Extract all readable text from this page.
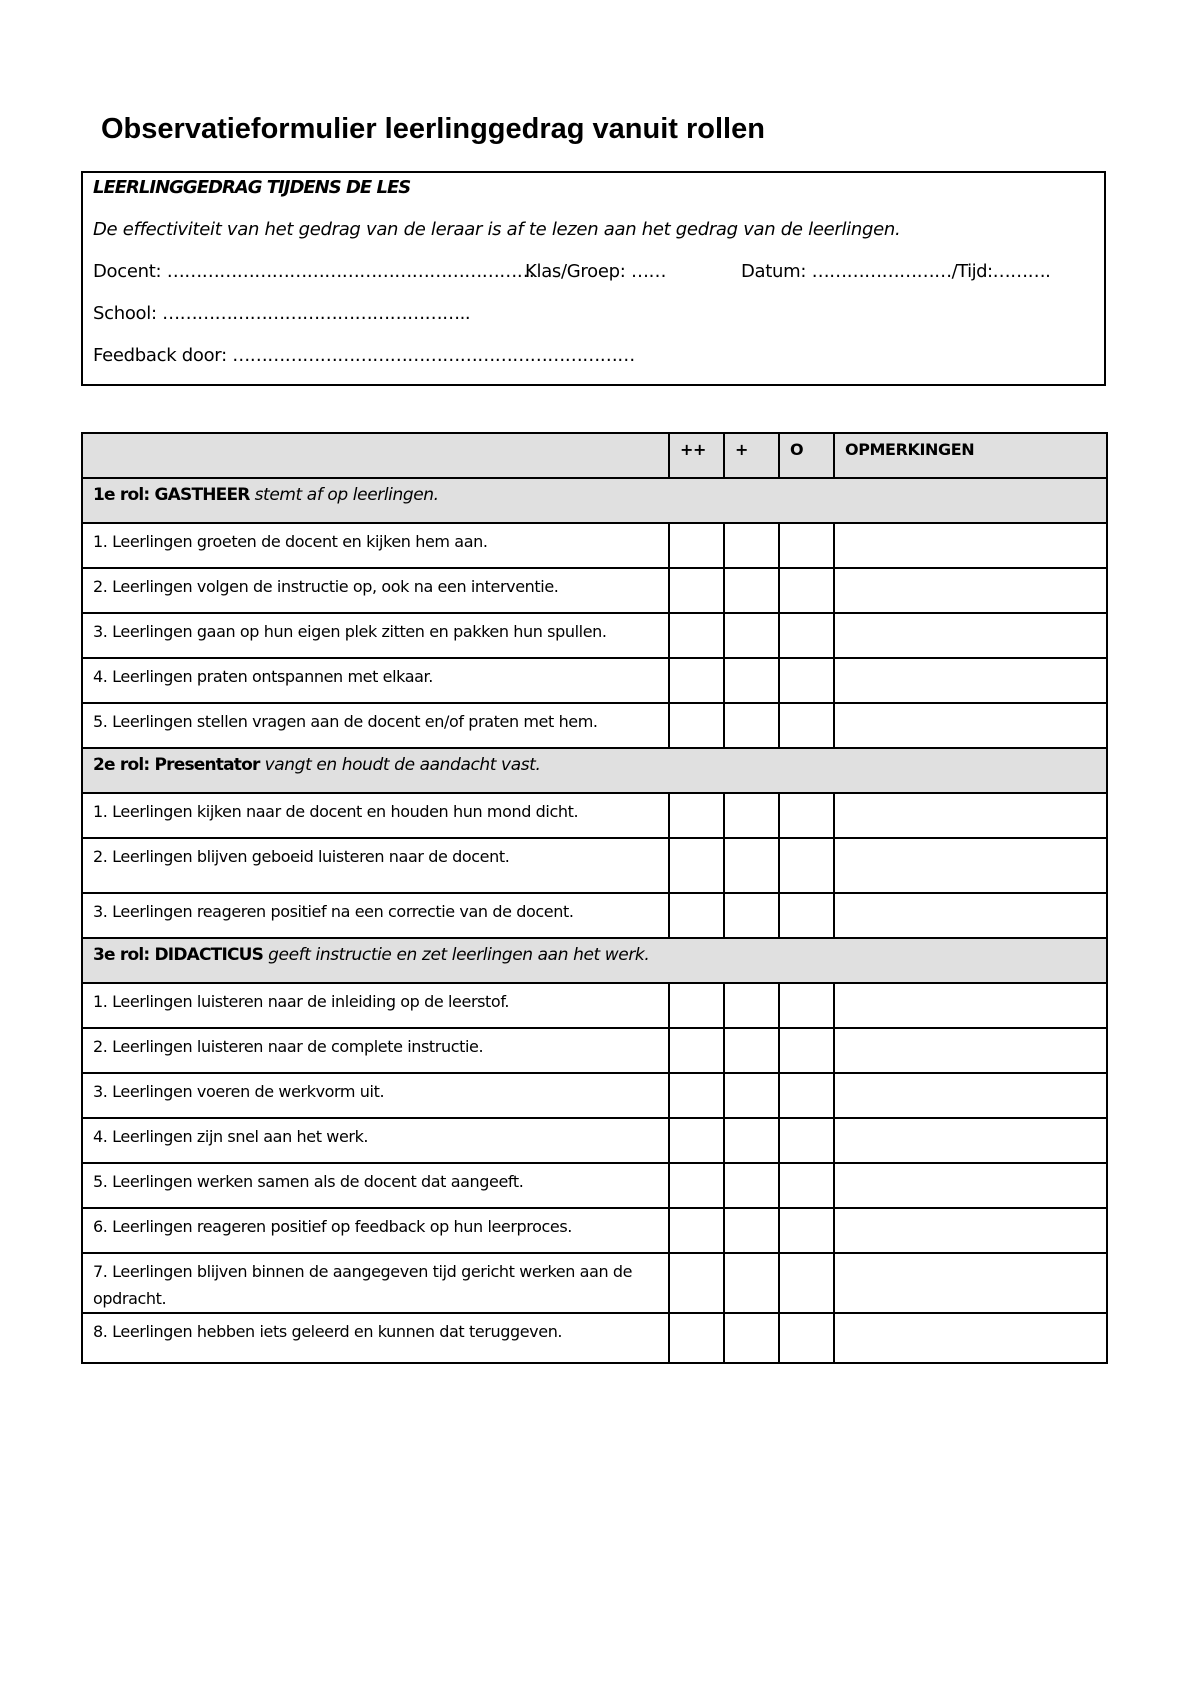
Observatieformulier leerlinggedrag vanuit rollen
LEERLINGGEDRAG TIJDENS DE LES
De effectiviteit van het gedrag van de leraar is af te lezen aan het gedrag van de leerlingen.
Docent: ………………………………………………………
Klas/Groep: ……	Datum: ……………………/Tijd:……….
School: ……………………………………………..
Feedback door: ……………………………………………………………

	++	+	O	OPMERKINGEN

1e rol: GASTHEER stemt af op leerlingen.				

1. Leerlingen groeten de docent en kijken hem aan.				

2. Leerlingen volgen de instructie op, ook na een interventie.				

3. Leerlingen gaan op hun eigen plek zitten en pakken hun spullen.				

4. Leerlingen praten ontspannen met elkaar.				

5. Leerlingen stellen vragen aan de docent en/of praten met hem.				

2e rol: Presentator vangt en houdt de aandacht vast.				

1. Leerlingen kijken naar de docent en houden hun mond dicht.				

2. Leerlingen blijven geboeid luisteren naar de docent.				

3. Leerlingen reageren positief na een correctie van de docent.				

3e rol: DIDACTICUS geeft instructie en zet leerlingen aan het werk.				

1. Leerlingen luisteren naar de inleiding op de leerstof.				

2. Leerlingen luisteren naar de complete instructie.				

3. Leerlingen voeren de werkvorm uit.				

4. Leerlingen zijn snel aan het werk.				

5. Leerlingen werken samen als de docent dat aangeeft.				

6. Leerlingen reageren positief op feedback op hun leerproces.				

7. Leerlingen blijven binnen de aangegeven tijd gericht werken aan de opdracht.				

8. Leerlingen hebben iets geleerd en kunnen dat teruggeven.				
